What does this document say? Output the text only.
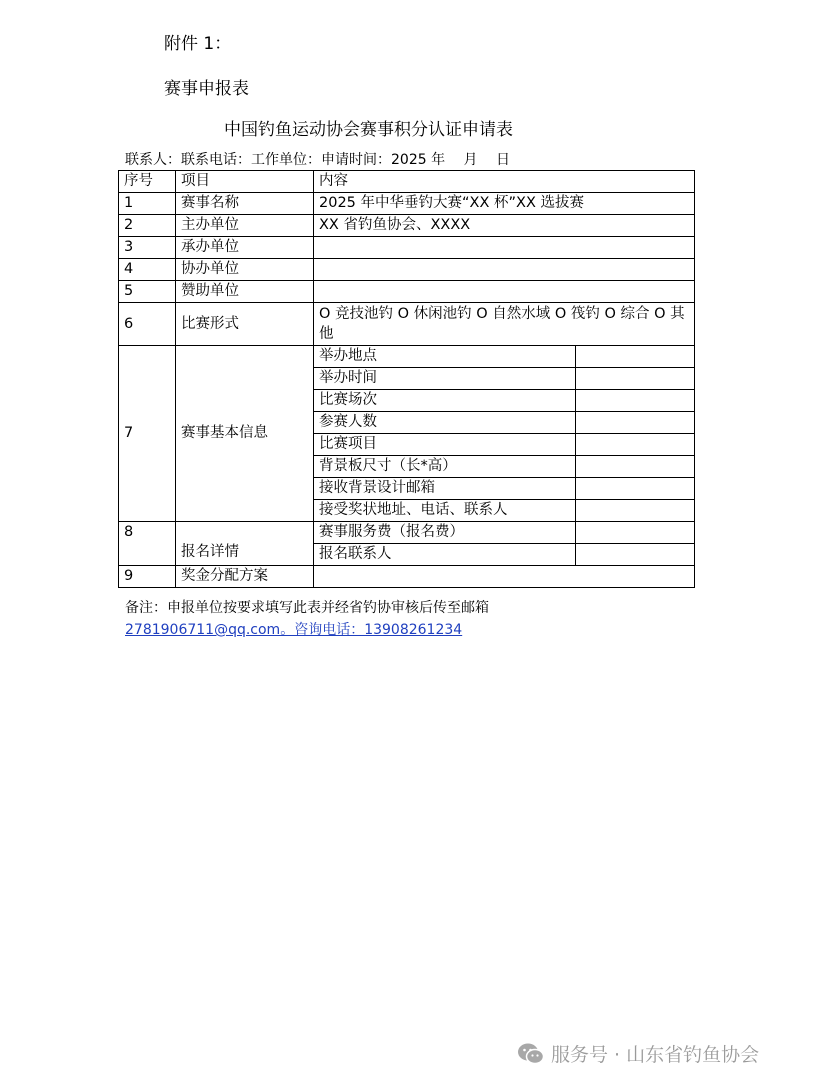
附件 1：
赛事申报表
中国钓鱼运动协会赛事积分认证申请表
联系人：联系电话：工作单位：申请时间：2025 年　 月　 日
序号	项目	内容	
1	赛事名称	2025 年中华垂钓大赛“XX 杯”XX 选拔赛	
2	主办单位	XX 省钓鱼协会、XXXX	
3	承办单位		
4	协办单位		
5	赞助单位		
6	比赛形式	O 竞技池钓 O 休闲池钓 O 自然水域 O 筏钓 O 综合 O 其他	
7	赛事基本信息	举办地点	
		举办时间	
		比赛场次	
		参赛人数	
		比赛项目	
		背景板尺寸（长*高）	
		接收背景设计邮箱	
		接受奖状地址、电话、联系人	
8	报名详情	赛事服务费（报名费）	
		报名联系人	
9	奖金分配方案		
备注：申报单位按要求填写此表并经省钓协审核后传至邮箱
2781906711@qq.com。咨询电话：13908261234
服务号 · 山东省钓鱼协会
